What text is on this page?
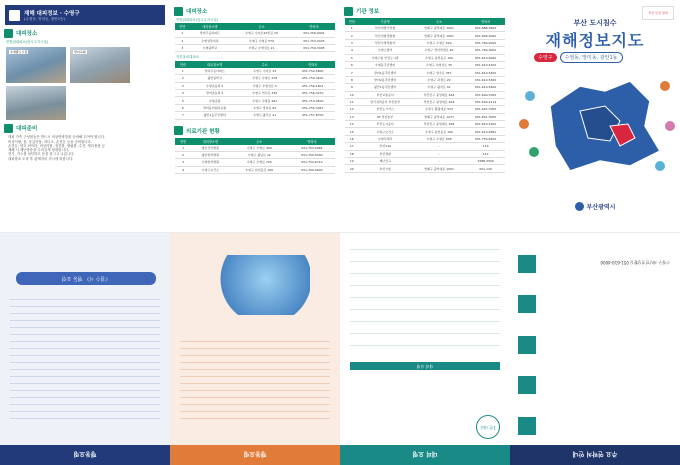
재해 대피정보 · 수영구
(수영동, 망미동, 광안1동)
대피장소
민방위대피소(임시주거시설)
수영팔도시장	망미교회
대피준비
대피 가족 구성원들은 반드시 비상연락망을 준비해 두어야 합니다.
비상식량, 물, 응급약품, 라디오, 손전등 등을 준비합니다.
손전등, 양초 라이터, 비상약품, 귀중품, 생필품, 수건, 생리용품 등
재해 시 재난방송을 주의깊게 청취합니다.
전기, 가스를 차단하고 문을 잠그고 나갑니다.
대피장소 도착 후 관계자의 지시에 따릅니다.
대피장소
민방위대피소(임시주거시설)
연번	대피장소명	주소	연락처
1	망미주공아파트	수영구 수미로22번길 23	051-756-9901
2	수영성당지하	수영구 수영로 570	051-752-2025
3	수영중학교	수영구 수영성로 21	051-759-3005
지진옥외대피소
연번	대피장소명	주소	연락처
1	망미주공아파트	수영구 수미로 23	051-754-5600
2	광안중학교	수영구 수영로 478	051-750-3100
3	수영초등학교	수영구 수영성로 5	051-756-1601
4	망미초등학교	수영구 연수로 330	051-756-3270
5	수영공원	수영구 수영동 281	051-714-4500
6	망미동어린이공원	수영구 망미동 64	051-755-3367
7	광안1동주민센터	수영구 광서로 41	051-757-6700
의료기관 현황
연번	대피장소명	주소	연락처
1	좋은강안병원	수영구 수영로 493	051-753-0081
2	광안한서병원	수영구 광남로 12	051-750-5000
3	수영한서병원	수영구 수영로 725	051-754-6710
4	수영구보건소	수영구 남천동로 100	051-760-0600
기관 정보
연번	기관명	주소	연락처
1	부산지방기상청	연제구 중앙대로 1001	051-888-3562
2	부산지방경찰청	연제구 중앙대로 1001	051-899-2000
3	부산수영경찰서	수영구 수영로 529	051-760-2000
4	수영소방서	수영구 망미번영로 20	051-760-3000
5	수영구청 안전도시과	수영구 남천동로 100	051-610-4000
6	수영동주민센터	수영구 수영성로 35	051-610-5100
7	망미1동주민센터	수영구 연수로 357	051-610-5200
8	망미2동주민센터	수영구 과정로 29	051-610-5300
9	광안1동주민센터	수영구 광서로 41	051-610-5400
10	부산교통공사	부산진구 중앙대로 644	051-640-7000
11	한국전력공사 부산본부	부산진구 중앙대로 624	051-630-4114
12	부산도시가스	수영구 황령대로 513	051-607-7000
13	KT 부산본부	연제구 중앙대로 1077	051-801-3000
14	부산도시공사	부산진구 중앙대로 993	051-810-1200
15	수영구보건소	수영구 남천동로 100	051-610-4881
16	수영우체국	수영구 수영로 508	051-753-6300
17	부산119	-	119
18	부산경찰	-	112
19	재난신고	-	1588-3500
20	부산시청	연제구 중앙대로 1001	051-120
부산 안전 정책
부산 도시침수
재해정보지도
수영구	수영동, 망미동, 광안1동
부산광역시
행동요령
《침수 시》 행동 요령
행동요령	대피 요령
1번 대피
대피 요령
주요 연락처 안내
수영구 재난안전상황실 051-610-4000
